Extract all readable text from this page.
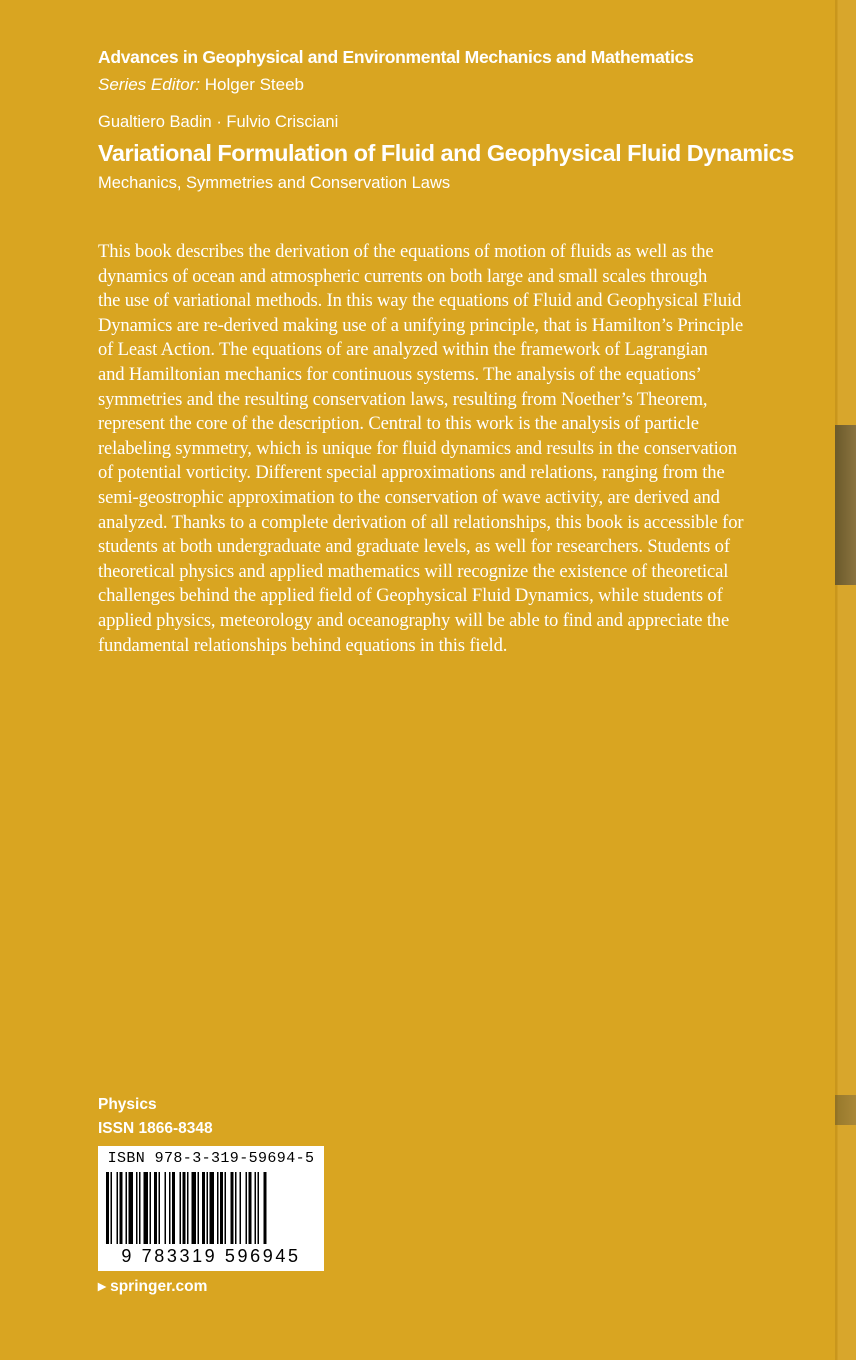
Advances in Geophysical and Environmental Mechanics and Mathematics
Series Editor: Holger Steeb
Gualtiero Badin · Fulvio Crisciani
Variational Formulation of Fluid and Geophysical Fluid Dynamics
Mechanics, Symmetries and Conservation Laws
This book describes the derivation of the equations of motion of fluids as well as the
dynamics of ocean and atmospheric currents on both large and small scales through
the use of variational methods. In this way the equations of Fluid and Geophysical Fluid
Dynamics are re-derived making use of a unifying principle, that is Hamilton’s Principle
of Least Action. The equations of are analyzed within the framework of Lagrangian
and Hamiltonian mechanics for continuous systems. The analysis of the equations’
symmetries and the resulting conservation laws, resulting from Noether’s Theorem,
represent the core of the description. Central to this work is the analysis of particle
relabeling symmetry, which is unique for fluid dynamics and results in the conservation
of potential vorticity. Different special approximations and relations, ranging from the
semi-geostrophic approximation to the conservation of wave activity, are derived and
analyzed. Thanks to a complete derivation of all relationships, this book is accessible for
students at both undergraduate and graduate levels, as well for researchers. Students of
theoretical physics and applied mathematics will recognize the existence of theoretical
challenges behind the applied field of Geophysical Fluid Dynamics, while students of
applied physics, meteorology and oceanography will be able to find and appreciate the
fundamental relationships behind equations in this field.
Physics
ISSN 1866-8348
ISBN 978-3-319-59694-5
9 783319 596945
▸ springer.com
